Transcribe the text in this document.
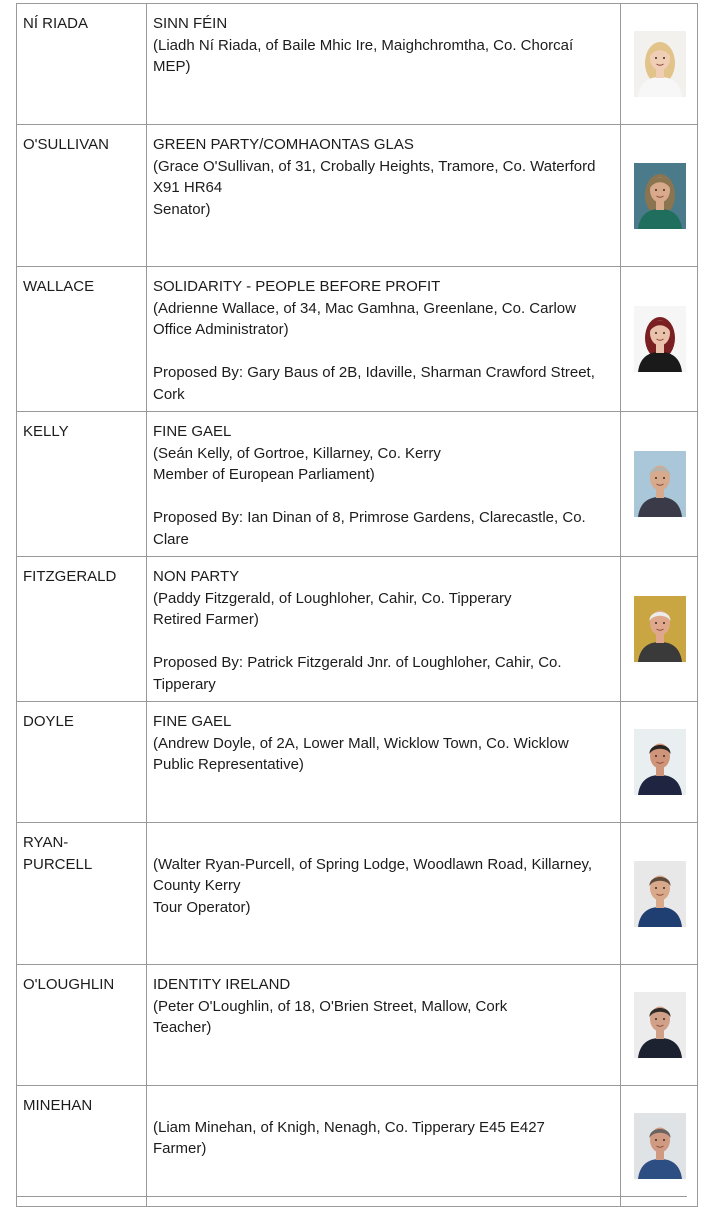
NÍ RIADA	SINN FÉIN
(Liadh Ní Riada, of Baile Mhic Ire, Maighchromtha, Co. Chorcaí
MEP)

O'SULLIVAN	GREEN PARTY/COMHAONTAS GLAS
(Grace O'Sullivan, of 31, Crobally Heights, Tramore, Co. Waterford
X91 HR64
Senator)

WALLACE	SOLIDARITY - PEOPLE BEFORE PROFIT
(Adrienne Wallace, of 34, Mac Gamhna, Greenlane, Co. Carlow
Office Administrator)
Proposed By: Gary Baus of 2B, Idaville, Sharman Crawford Street,
Cork

KELLY	FINE GAEL
(Seán Kelly, of Gortroe, Killarney, Co. Kerry
Member of European Parliament)
Proposed By: Ian Dinan of 8, Primrose Gardens, Clarecastle, Co.
Clare

FITZGERALD	NON PARTY
(Paddy Fitzgerald, of Loughloher, Cahir, Co. Tipperary
Retired Farmer)
Proposed By: Patrick Fitzgerald Jnr. of Loughloher, Cahir, Co.
Tipperary

DOYLE	FINE GAEL
(Andrew Doyle, of 2A, Lower Mall, Wicklow Town, Co. Wicklow
Public Representative)

RYAN-
PURCELL	(Walter Ryan-Purcell, of Spring Lodge, Woodlawn Road, Killarney,
County Kerry
Tour Operator)

O'LOUGHLIN	IDENTITY IRELAND
(Peter O'Loughlin, of 18, O'Brien Street, Mallow, Cork
Teacher)

MINEHAN	(Liam Minehan, of Knigh, Nenagh, Co. Tipperary E45 E427
Farmer)
